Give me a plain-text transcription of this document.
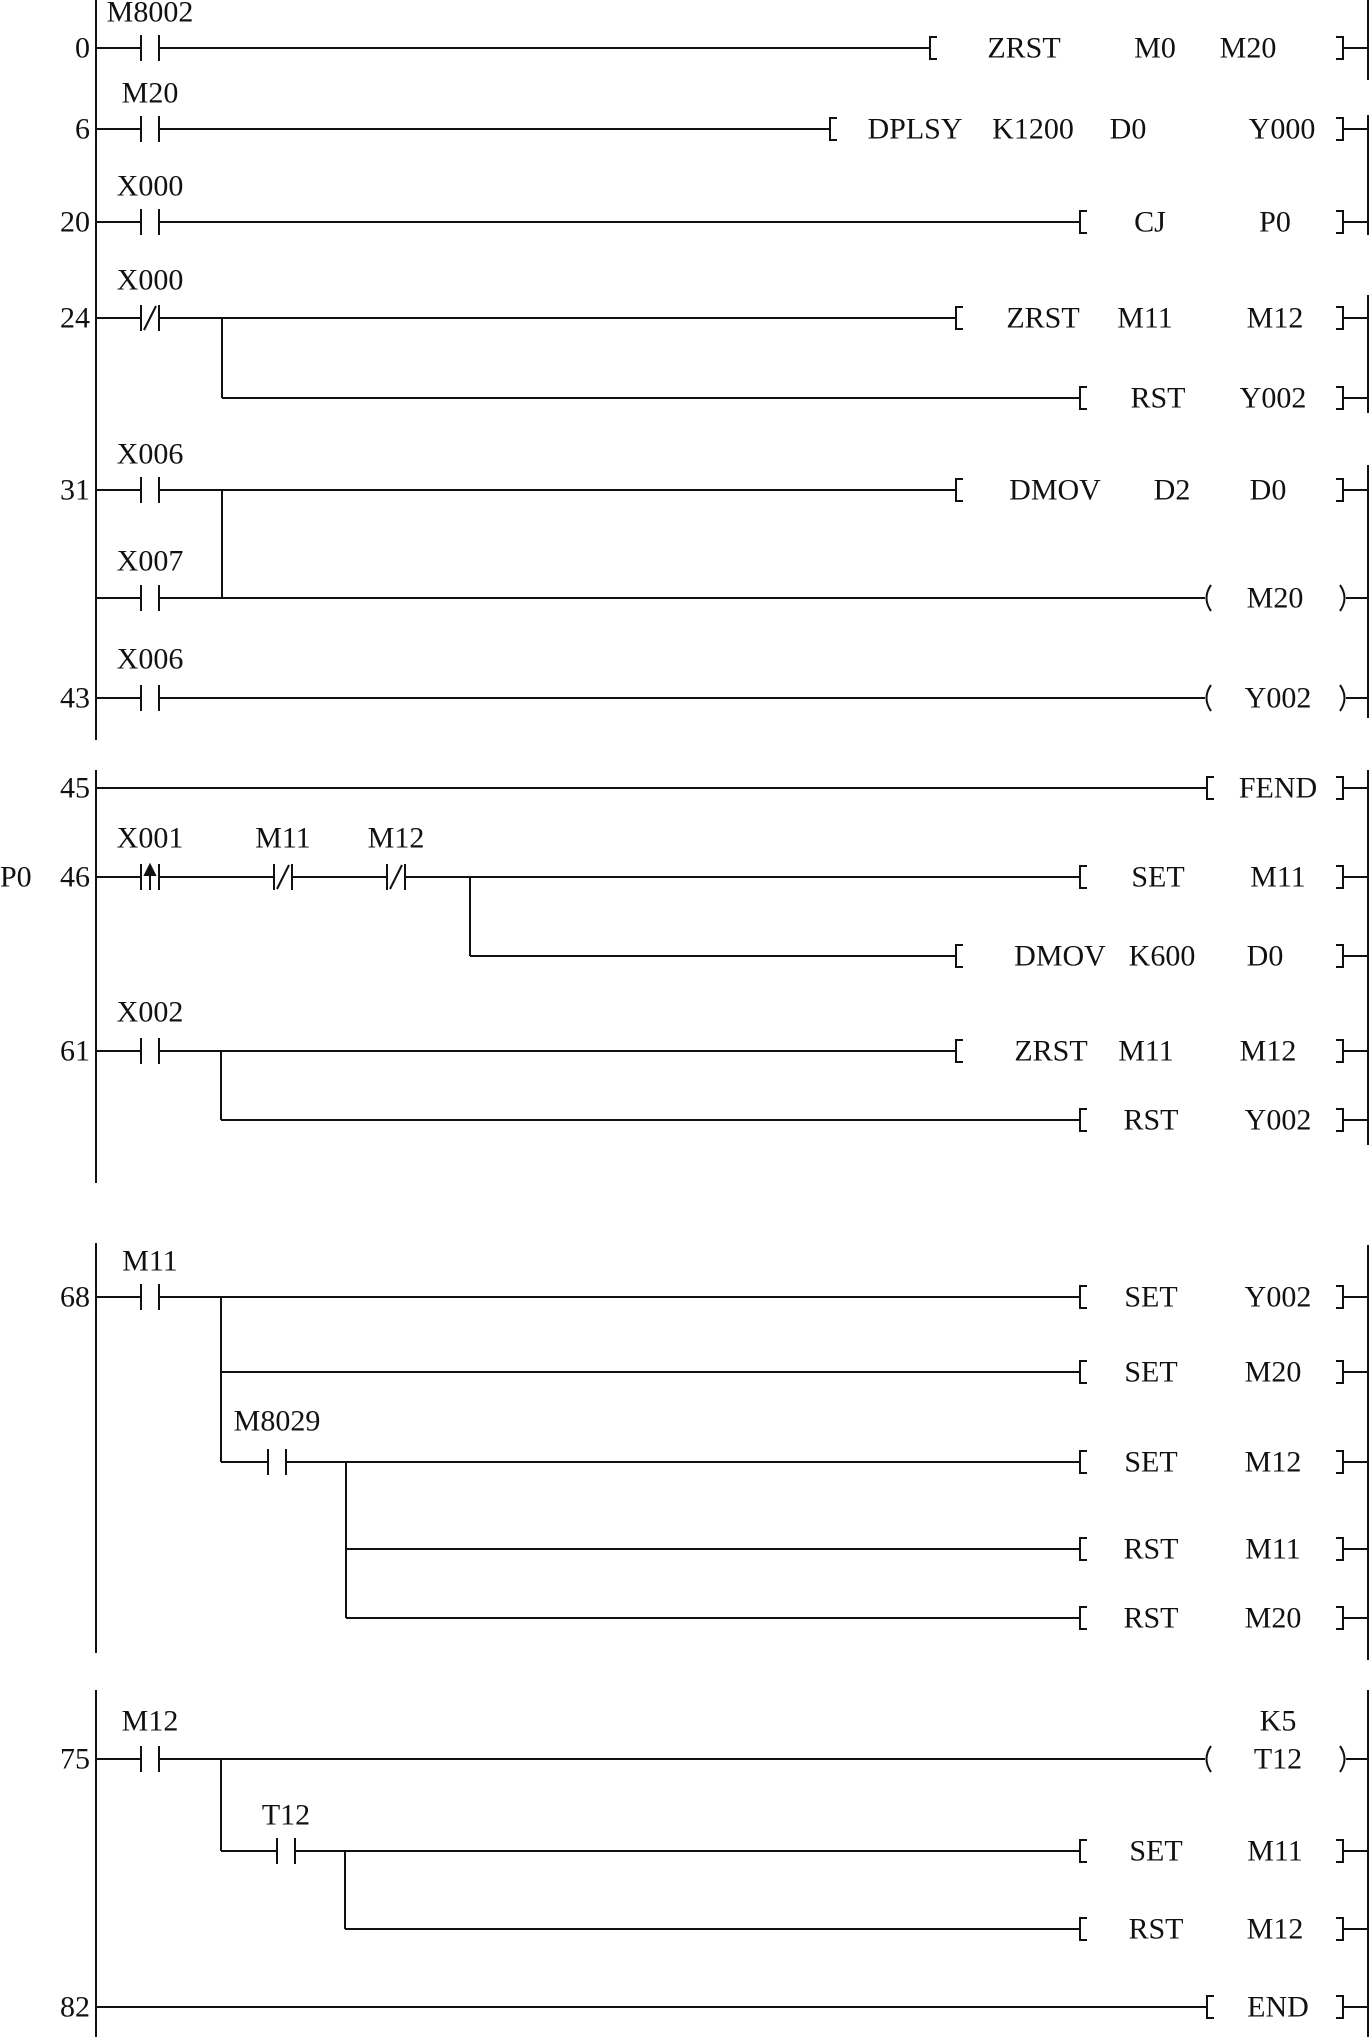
0
M8002
ZRST M0 M20
6
M20
DPLSY K1200 D0	Y000
20
X000
CJ	P0
24
X000
ZRST M11 M12
RST Y002
31
X006
DMOV D2 D0
X007
M20
43
X006
Y002
45	FEND
P0 46
X001 M11 M12
SET M11
DMOV K600 D0
61
X002
ZRST M11 M12
RST Y002
68
M11
SET Y002
SET M20
M8029
SET M12
RST M11
RST M20
75
M12	K5
T12
T12
SET M11
RST M12
82	END
